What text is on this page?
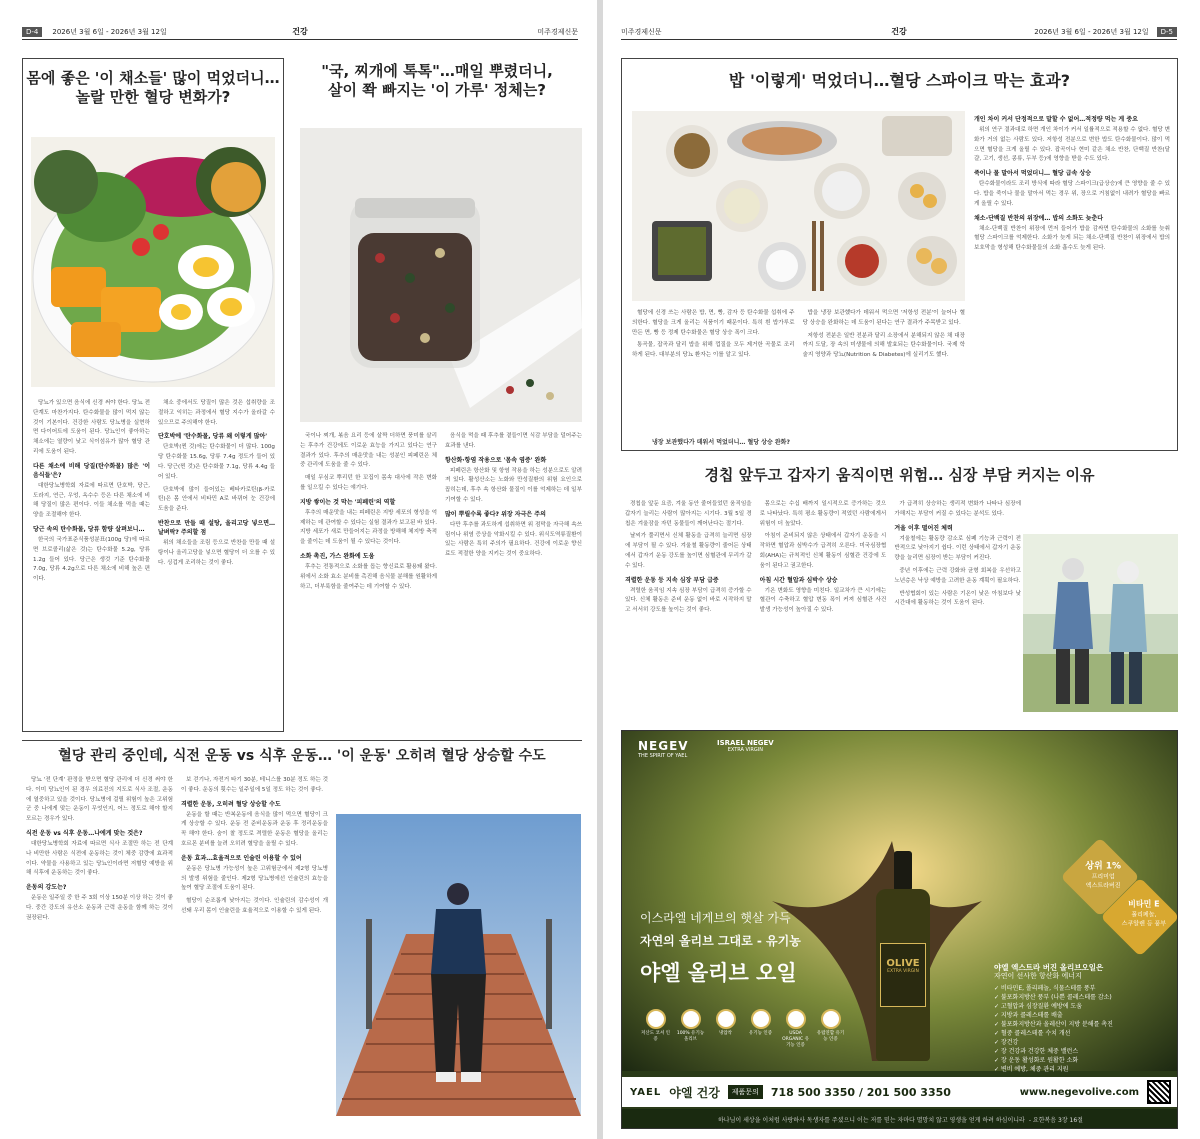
D-4	2026년 3월 6일 - 2026년 3월 12일	건강	미주경제신문
몸에 좋은 '이 채소들' 많이 먹었더니…
놀랄 만한 혈당 변화가?

당뇨가 있으면 음식에 신경 써야 한다. 당뇨 전 단계도 마찬가지다. 탄수화물을 많이 먹지 않는 것이 기본이다. 건강한 사람도 당뇨병을 실현하면 다이어트에 도움이 된다. 당뇨인이 좋아하는 채소에는 열량이 낮고 식이섬유가 많아 혈당 관리에 도움이 된다.

다른 채소에 비해 당질(탄수화물) 많은 '이 음식들'은?

대한당뇨병학회 자료에 따르면 단호박, 당근, 도라지, 연근, 우엉, 옥수수 등은 다른 채소에 비해 당질이 많은 편이다. 이들 채소를 먹을 때는 양을 조절해야 한다.

당근 속의 탄수화물, 당류 함량 살펴보니…

한국의 국가표준식품성분표(100g 당)에 따르면 브로콜리(삶은 것)는 탄수화물 5.2g, 당류 1.2g 들어 있다. 당근은 생것 기준 탄수화물 7.0g, 당류 4.2g으로 다른 채소에 비해 높은 편이다.

채소 중에서도 당질이 많은 것은 섭취량을 조절하고 익히는 과정에서 혈당 지수가 올라갈 수 있으므로 주의해야 한다.

단호박에 '탄수화물, 당류 왜 이렇게 많아'

단호박(찐 것)에는 탄수화물이 더 많다. 100g당 탄수화물 15.6g, 당류 7.4g 정도가 들어 있다. 당근(찐 것)은 탄수화물 7.1g, 당류 4.4g 들어 있다.

단호박에 많이 들어있는 베타카로틴(β-카로틴)은 몸 안에서 비타민 A로 바뀌어 눈 건강에 도움을 준다.

반찬으로 만들 때 설탕, 올리고당 넣으면… 날벼락? 주의할 점

위의 채소들을 조림 등으로 반찬을 만들 때 설탕이나 올리고당을 넣으면 혈당이 더 오를 수 있다. 싱겁게 조리하는 것이 좋다.

"국, 찌개에 톡톡"…매일 뿌렸더니,
살이 쫙 빠지는 '이 가루' 정체는?

국이나 찌개, 볶음 요리 등에 살짝 더하면 풍미를 살리는 후추가 건강에도 이로운 효능을 가지고 있다는 연구 결과가 있다. 후추의 매운맛을 내는 성분인 피페린은 체중 관리에 도움을 줄 수 있다.

매일 무심코 뿌리던 한 꼬집이 몸속 대사에 작은 변화를 일으킬 수 있다는 얘기다.

지방 쌓이는 것 막는 '피페린'의 역할

후추의 매운맛을 내는 피페린은 지방 세포의 형성을 억제하는 데 관여할 수 있다는 실험 결과가 보고된 바 있다. 지방 세포가 새로 만들어지는 과정을 방해해 체지방 축적을 줄이는 데 도움이 될 수 있다는 것이다.

소화 촉진, 가스 완화에 도움

후추는 전통적으로 소화를 돕는 향신료로 활용돼 왔다. 위에서 소화 효소 분비를 촉진해 음식물 분해를 원활하게 하고, 더부룩함을 줄여주는 데 기여할 수 있다.

음식을 먹을 때 후추를 곁들이면 식감 부담을 덜어주는 효과를 낸다.

항산화·항염 작용으로 '몸속 염증' 완화

피페린은 항산화 및 항염 작용을 하는 성분으로도 알려져 있다. 활성산소는 노화와 만성질환의 위험 요인으로 꼽히는데, 후추 속 항산화 물질이 이를 억제하는 데 일부 기여할 수 있다.

많이 뿌릴수록 좋다? 위장 자극은 주의

다만 후추를 과도하게 섭취하면 위 점막을 자극해 속쓰림이나 위염 증상을 악화시킬 수 있다. 위식도역류질환이 있는 사람은 특히 주의가 필요하다. 건강에 이로운 향신료도 적절한 양을 지키는 것이 중요하다.

혈당 관리 중인데, 식전 운동 vs 식후 운동… '이 운동' 오히려 혈당 상승할 수도

당뇨 '전 단계' 판정을 받으면 혈당 관리에 더 신경 써야 한다. 이미 당뇨인이 된 경우 의료진의 지도로 식사 조절, 운동에 열중하고 있을 것이다. 당뇨병에 걸릴 위험이 높은 고위험군 중 나에게 맞는 운동이 무엇인지, 어느 정도로 해야 할지 모르는 경우가 있다.

식전 운동 vs 식후 운동…나에게 맞는 것은?

대한당뇨병학회 자료에 따르면 식사 조절만 하는 전 단계나 비만한 사람은 식전에 운동하는 것이 체중 감량에 효과적이다. 약물을 사용하고 있는 당뇨인이라면 저혈당 예방을 위해 식후에 운동하는 것이 좋다.

운동의 강도는?

운동은 일주일 중 한 주 3회 이상 150분 이상 하는 것이 좋다. 중간 강도의 유산소 운동과 근력 운동을 함께 하는 것이 권장된다.

보 걷기나, 자전거 타기 30분, 테니스를 30분 정도 하는 것이 좋다. 운동의 횟수는 일주일에 5일 정도 하는 것이 좋다.

격렬한 운동, 오히려 혈당 상승할 수도

운동을 할 때는 반복운동에 음식을 많이 먹으면 혈당이 크게 상승할 수 있다. 운동 전 준비운동과 운동 후 정리운동을 꼭 해야 한다. 숨이 찰 정도로 격렬한 운동은 혈당을 올리는 호르몬 분비를 늘려 오히려 혈당을 올릴 수 있다.

운동 효과…효율적으로 인슐린 이용할 수 있어

운동은 당뇨병 가능성이 높은 고위험군에서 제2형 당뇨병의 발생 위험을 줄인다. 제2형 당뇨병에선 인슐린의 효능을 높여 혈당 조절에 도움이 된다.

혈당이 순조롭게 낮아지는 것이다. 인슐린의 감수성이 개선돼 우리 몸이 인슐린을 효율적으로 이용할 수 있게 된다.

미주경제신문	건강	2026년 3월 6일 - 2026년 3월 12일	D-5
밥 '이렇게' 먹었더니…혈당 스파이크 막는 효과?
개인 차이 커서 단정적으로 말할 수 없어…적정량 먹는 게 중요

위의 연구 결과대로 하면 개인 차이가 커서 일률적으로 적용할 수 없다. 혈당 변화가 거의 없는 사람도 있다. 저항성 전분으로 변한 밥도 탄수화물이다. 많이 먹으면 혈당을 크게 올릴 수 있다. 잡곡이나 현미 같은 채소 반찬, 단백질 반찬(달걀, 고기, 생선, 콩류, 두부 등)에 영향을 받을 수도 있다.

죽이나 물 말아서 먹었더니… 혈당 급속 상승

탄수화물이라도 조리 방식에 따라 혈당 스파이크(급상승)에 큰 영향을 줄 수 있다. 밥을 죽이나 물을 말아서 먹는 경우 위, 장으로 거침없이 내려가 혈당을 빠르게 올릴 수 있다.

채소-단백질 반찬의 위장에… 밥의 소화도 늦춘다

채소-단백질 반찬이 위장에 먼저 들어가 밥을 감싸면 탄수화물의 소화를 늦춰 혈당 스파이크를 억제한다. 소화가 늦게 되는 채소-단백질 반찬이 위장에서 밥의 보호막을 형성해 탄수화물들의 소화 흡수도 늦게 된다.

혈당에 신경 쓰는 사람은 밥, 면, 빵, 감자 등 탄수화물 섭취에 주의한다. 혈당을 크게 올리는 식품이기 때문이다. 특히 흰 밥가루로 만든 면, 빵 등 정제 탄수화물은 혈당 상승 폭이 크다.

통곡물, 잡곡과 달리 밥을 위해 껍질을 모두 제거한 곡물로 조리하게 된다. 대부분의 당뇨 환자는 이를 알고 있다.

밥을 냉장 보관했다가 데워서 먹으면 '저항성 전분'이 늘어나 혈당 상승을 완화하는 데 도움이 된다는 연구 결과가 주목받고 있다.

저항성 전분은 일반 전분과 달리 소장에서 분해되지 않은 채 대장까지 도달, 장 속의 미생물에 의해 발효되는 탄수화물이다. 국제 학술지 영양과 당뇨(Nutrition & Diabetes)에 실리기도 했다.

냉장 보관했다가 데워서 먹었더니… 혈당 상승 완화?
경칩 앞두고 갑자기 움직이면 위험… 심장 부담 커지는 이유

경칩을 앞둔 요즘, 겨울 동안 줄어들었던 움직임을 갑자기 늘리는 사람이 많아지는 시기다. 3월 5일 경칩은 겨울잠을 자던 동물들이 깨어난다는 절기다.

날씨가 풀리면서 신체 활동을 급격히 늘리면 심장에 부담이 될 수 있다. 겨울철 활동량이 줄어든 상태에서 갑자기 운동 강도를 높이면 심혈관에 무리가 갈 수 있다.

격렬한 운동 등 지속 심장 부담 급증

격렬한 움직임 지속 심장 부담이 급격히 증가할 수 있다. 신체 활동은 준비 운동 없이 바로 시작하지 말고 서서히 강도를 높이는 것이 좋다.

몸으로는 수십 배까지 일시적으로 증가하는 것으로 나타났다. 특히 평소 활동량이 적었던 사람에게서 위험이 더 높았다.

아침이 준비되지 않은 상태에서 갑자기 운동을 시작하면 혈압과 심박수가 급격히 오른다. 미국심장협회(AHA)는 규칙적인 신체 활동이 심혈관 건강에 도움이 된다고 권고한다.

아침 시간 혈압과 심박수 상승

기온 변화도 영향을 미친다. 일교차가 큰 시기에는 혈관이 수축하고 혈압 변동 폭이 커져 심혈관 사건 발생 가능성이 높아질 수 있다.

가 급격히 상승하는 생리적 변화가 나타나 심장에 가해지는 부담이 커질 수 있다는 분석도 있다.

겨울 이후 떨어진 체력

겨울철에는 활동량 감소로 심폐 기능과 근력이 전반적으로 낮아지기 쉽다. 이런 상태에서 갑자기 운동량을 늘리면 심장이 받는 부담이 커진다.

중년 이후에는 근력 강화와 균형 회복을 우선하고 노년층은 낙상 예방을 고려한 운동 계획이 필요하다.

반성협회이 있는 사람은 기온이 낮은 아침보다 낮 시간대에 활동하는 것이 도움이 된다.

NEGEV
THE SPIRIT OF YAEL
ISRAEL NEGEV
EXTRA VIRGIN
OLIVE
EXTRA VIRGIN
상위 1%
프리미엄
엑스트라버진
비타민 E
폴리페놀,
스쿠알렌 등 풍부
이스라엘 네게브의 햇살 가득
자연의 올리브 그대로 - 유기농
야엘 올리브 오일
저산도 코셔 인증
100% 유기농 올리브
냉압착	유기농 인증	USDA ORGANIC 유기농 인증
유럽연합 유기농 인증
야엘 엑스트라 버진 올리브오일은
자연이 선사한 항산화 에너지
✓ 비타민E, 폴리페놀, 식물스테롤 풍부
✓ 불포화지방산 풍부 (나쁜 콜레스테롤 감소)
✓ 고혈압과 심장질환 예방에 도움
✓ 지방과 콜레스테롤 배출
✓ 불포화지방산과 올레산이 지방 분해를 촉진
✓ 혈중 콜레스테롤 수치 개선
✓ 장건강
✓ 장 건강과 건강한 체중 밸런스
✓ 장 운동 활성화로 원활한 소화
✓ 변비 예방, 체중 관리 지원
YAEL 야엘 건강	제품문의	718 500 3350 / 201 500 3350	www.negevolive.com
하나님이 세상을 이처럼 사랑하사 독생자를 주셨으니 이는 저를 믿는 자마다 멸망치 않고 영생을 얻게 하려 하심이니라 - 요한복음 3장 16절
